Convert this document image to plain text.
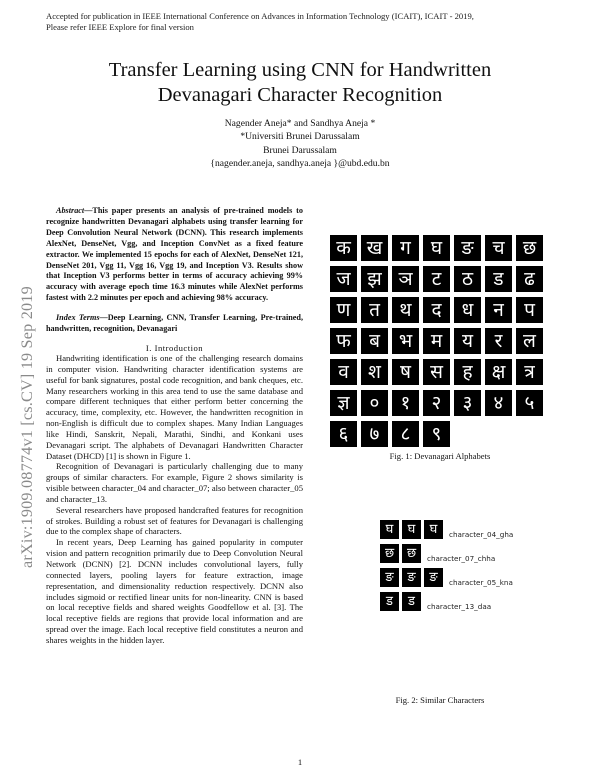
Accepted for publication in IEEE International Conference on Advances in Information Technology (ICAIT), ICAIT - 2019,
Please refer IEEE Explore for final version
Transfer Learning using CNN for Handwritten
Devanagari Character Recognition
Nagender Aneja* and Sandhya Aneja *
*Universiti Brunei Darussalam
Brunei Darussalam
{nagender.aneja, sandhya.aneja }@ubd.edu.bn
arXiv:1909.08774v1 [cs.CV] 19 Sep 2019

Abstract—This paper presents an analysis of pre-trained models to recognize handwritten Devanagari alphabets using transfer learning for Deep Convolution Neural Network (DCNN). This research implements AlexNet, DenseNet, Vgg, and Inception ConvNet as a fixed feature extractor. We implemented 15 epochs for each of AlexNet, DenseNet 121, DenseNet 201, Vgg 11, Vgg 16, Vgg 19, and Inception V3. Results show that Inception V3 performs better in terms of accuracy achieving 99% accuracy with average epoch time 16.3 minutes while AlexNet performs fastest with 2.2 minutes per epoch and achieving 98% accuracy.

Index Terms—Deep Learning, CNN, Transfer Learning, Pre-trained, handwritten, recognition, Devanagari

I. Introduction

Handwriting identification is one of the challenging research domains in computer vision. Handwriting character identification systems are useful for bank signatures, postal code recognition, and bank cheques, etc. Many researchers working in this area tend to use the same database and compare different techniques that either perform better concerning the accuracy, time, complexity, etc. However, the handwritten recognition in non-English is difficult due to complex shapes. Many Indian Languages like Hindi, Sanskrit, Nepali, Marathi, Sindhi, and Konkani uses Devanagari script. The alphabets of Devanagari Handwritten Character Dataset (DHCD) [1] is shown in Figure 1.

Recognition of Devanagari is particularly challenging due to many groups of similar characters. For example, Figure 2 shows similarity is visible between character_04 and character_07; also between character_05 and character_13.

Several researchers have proposed handcrafted features for recognition of strokes. Building a robust set of features for Devanagari is challenging due to the complex shape of characters.

In recent years, Deep Learning has gained popularity in computer vision and pattern recognition primarily due to Deep Convolution Neural Network (DCNN) [2]. DCNN includes convolutional layers, fully connected layers, pooling layers for feature extraction, image representation, and dimensionality reduction respectively. DCNN also includes sigmoid or rectified linear units for non-linearity. CNN is based on local receptive fields and shared weights Goodfellow et al. [3]. The local receptive fields are regions that provide local information and are spread over the image. Each local receptive field constitutes a neuron and shares weights in the hidden layer.

क ख ग	घ	ङ च छ
ज झ ञ	ट	ठ	ड	ढ
ण त	थ	द	ध	न	प
फ ब भ म	य	र	ल
व	श	ष	स	ह	क्ष त्र
ज्ञ	०	१	२	३	४	५
६	७	८	९
Fig. 1: Devanagari Alphabets
घ	घ	घ	character_04_gha
छ छ	character_07_chha
ङ	ङ	ङ	character_05_kna
ड	ड	character_13_daa
Fig. 2: Similar Characters
1
